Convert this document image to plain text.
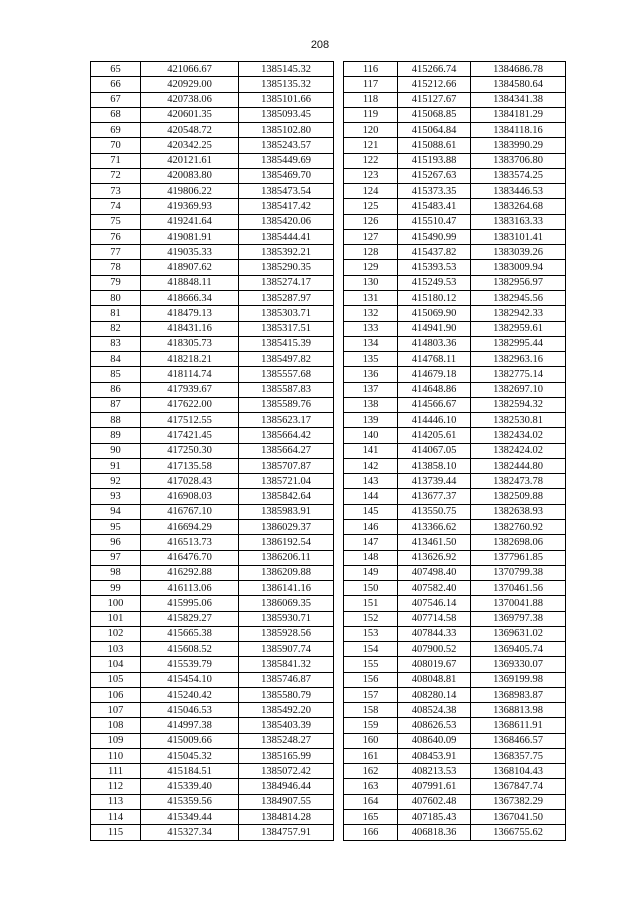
208
65	421066.67	1385145.32
66	420929.00	1385135.32
67	420738.06	1385101.66
68	420601.35	1385093.45
69	420548.72	1385102.80
70	420342.25	1385243.57
71	420121.61	1385449.69
72	420083.80	1385469.70
73	419806.22	1385473.54
74	419369.93	1385417.42
75	419241.64	1385420.06
76	419081.91	1385444.41
77	419035.33	1385392.21
78	418907.62	1385290.35
79	418848.11	1385274.17
80	418666.34	1385287.97
81	418479.13	1385303.71
82	418431.16	1385317.51
83	418305.73	1385415.39
84	418218.21	1385497.82
85	418114.74	1385557.68
86	417939.67	1385587.83
87	417622.00	1385589.76
88	417512.55	1385623.17
89	417421.45	1385664.42
90	417250.30	1385664.27
91	417135.58	1385707.87
92	417028.43	1385721.04
93	416908.03	1385842.64
94	416767.10	1385983.91
95	416694.29	1386029.37
96	416513.73	1386192.54
97	416476.70	1386206.11
98	416292.88	1386209.88
99	416113.06	1386141.16
100	415995.06	1386069.35
101	415829.27	1385930.71
102	415665.38	1385928.56
103	415608.52	1385907.74
104	415539.79	1385841.32
105	415454.10	1385746.87
106	415240.42	1385580.79
107	415046.53	1385492.20
108	414997.38	1385403.39
109	415009.66	1385248.27
110	415045.32	1385165.99
111	415184.51	1385072.42
112	415339.40	1384946.44
113	415359.56	1384907.55
114	415349.44	1384814.28
115	415327.34	1384757.91
116	415266.74	1384686.78
117	415212.66	1384580.64
118	415127.67	1384341.38
119	415068.85	1384181.29
120	415064.84	1384118.16
121	415088.61	1383990.29
122	415193.88	1383706.80
123	415267.63	1383574.25
124	415373.35	1383446.53
125	415483.41	1383264.68
126	415510.47	1383163.33
127	415490.99	1383101.41
128	415437.82	1383039.26
129	415393.53	1383009.94
130	415249.53	1382956.97
131	415180.12	1382945.56
132	415069.90	1382942.33
133	414941.90	1382959.61
134	414803.36	1382995.44
135	414768.11	1382963.16
136	414679.18	1382775.14
137	414648.86	1382697.10
138	414566.67	1382594.32
139	414446.10	1382530.81
140	414205.61	1382434.02
141	414067.05	1382424.02
142	413858.10	1382444.80
143	413739.44	1382473.78
144	413677.37	1382509.88
145	413550.75	1382638.93
146	413366.62	1382760.92
147	413461.50	1382698.06
148	413626.92	1377961.85
149	407498.40	1370799.38
150	407582.40	1370461.56
151	407546.14	1370041.88
152	407714.58	1369797.38
153	407844.33	1369631.02
154	407900.52	1369405.74
155	408019.67	1369330.07
156	408048.81	1369199.98
157	408280.14	1368983.87
158	408524.38	1368813.98
159	408626.53	1368611.91
160	408640.09	1368466.57
161	408453.91	1368357.75
162	408213.53	1368104.43
163	407991.61	1367847.74
164	407602.48	1367382.29
165	407185.43	1367041.50
166	406818.36	1366755.62
